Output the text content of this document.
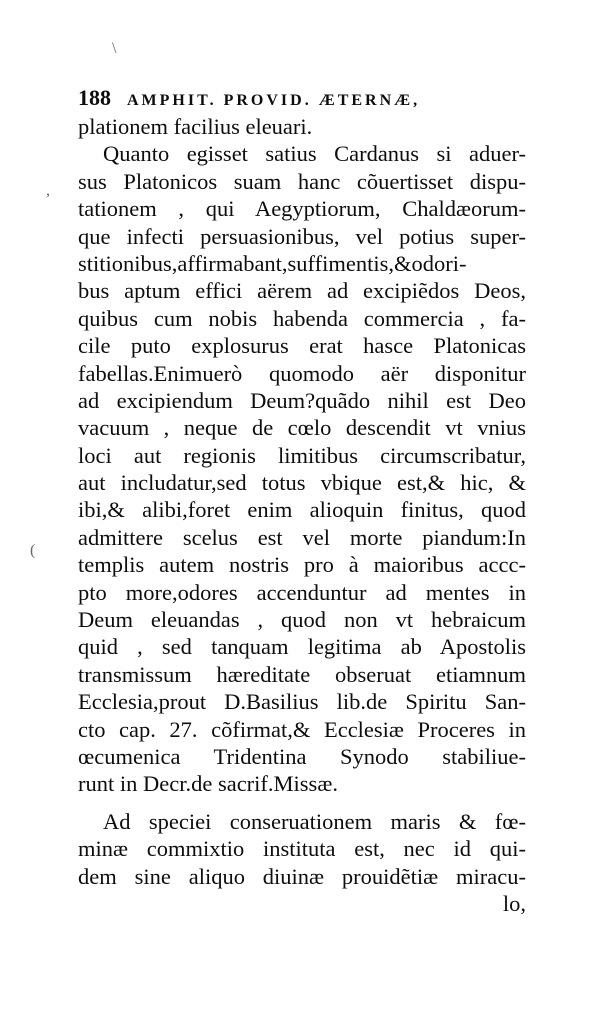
188 AMPHIT. PROVID. ÆTERNÆ,
plationem facilius eleuari.
Quanto egisset satius Cardanus si aduer-
sus Platonicos suam hanc cõuertisset dispu-
tationem , qui Aegyptiorum, Chaldæorum-
que infecti persuasionibus, vel potius super-
stitionibus,affirmabant,suffimentis,&odori-
bus aptum effici aërem ad excipiẽdos Deos,
quibus cum nobis habenda commercia , fa-
cile puto explosurus erat hasce Platonicas
fabellas.Enimuerò quomodo aër disponitur
ad excipiendum Deum?quãdo nihil est Deo
vacuum , neque de cœlo descendit vt vnius
loci aut regionis limitibus circumscribatur,
aut includatur,sed totus vbique est,& hic, &
ibi,& alibi,foret enim alioquin finitus, quod
admittere scelus est vel morte piandum:In
templis autem nostris pro à maioribus accc-
pto more,odores accenduntur ad mentes in
Deum eleuandas , quod non vt hebraicum
quid , sed tanquam legitima ab Apostolis
transmissum hæreditate obseruat etiamnum
Ecclesia,prout D.Basilius lib.de Spiritu San-
cto cap. 27. cõfirmat,& Ecclesiæ Proceres in
œcumenica Tridentina Synodo stabiliue-
runt in Decr.de sacrif.Missæ.
Ad speciei conseruationem maris & fœ-
minæ commixtio instituta est, nec id qui-
dem sine aliquo diuinæ prouidẽtiæ miracu-
lo,
\
,
(
